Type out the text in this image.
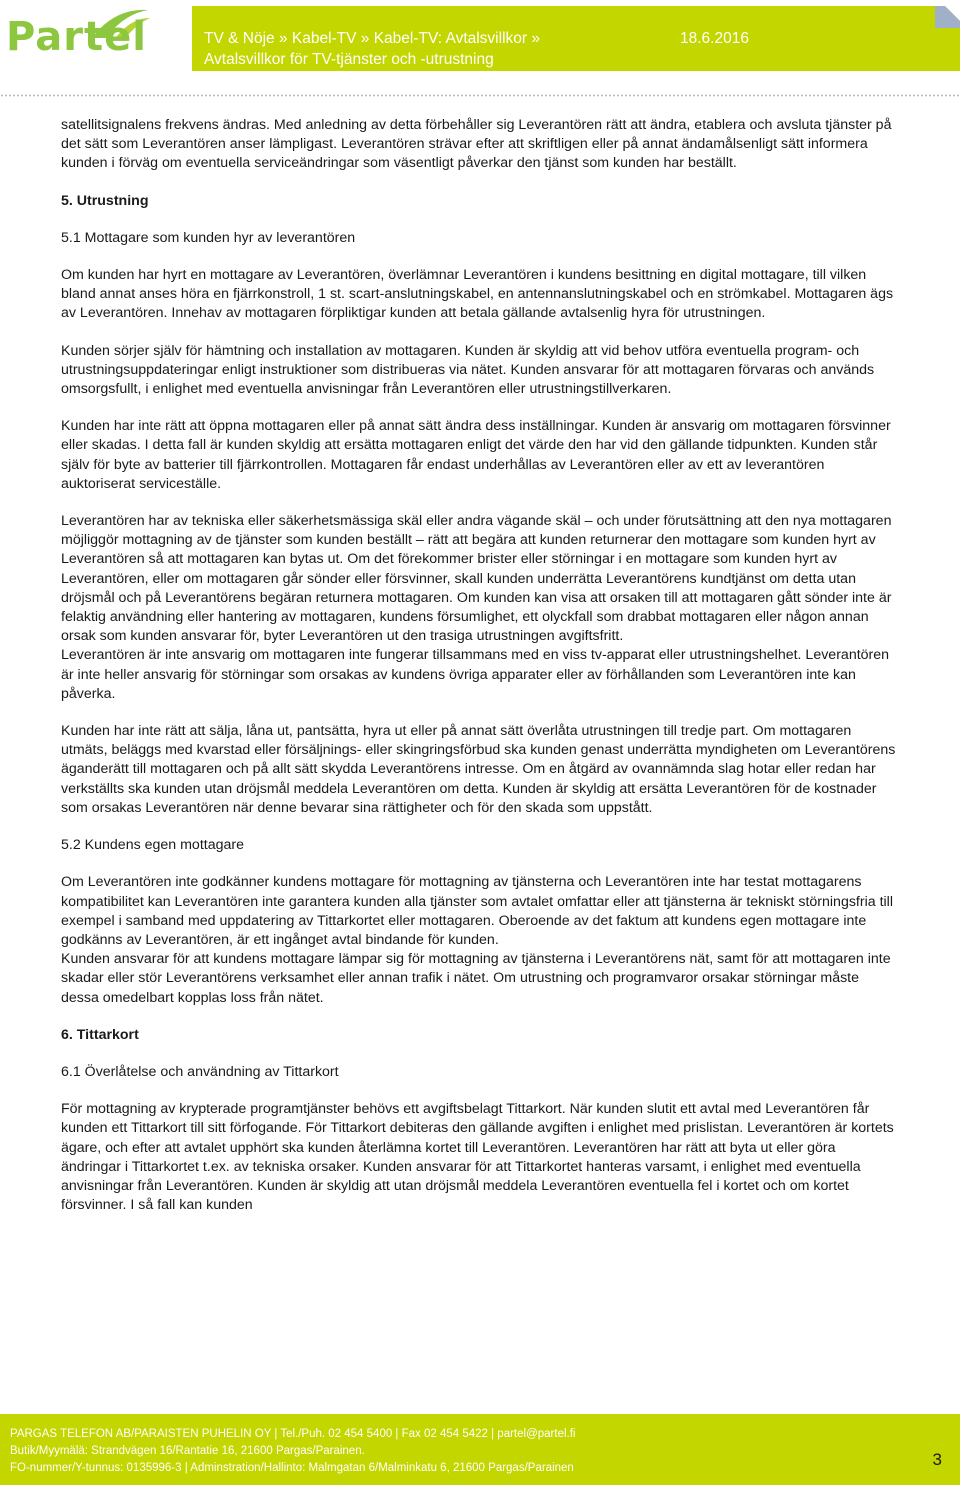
Partel	TV & Nöje » Kabel-TV » Kabel-TV: Avtalsvillkor »
Avtalsvillkor för TV-tjänster och -utrustning
18.6.2016

satellitsignalens frekvens ändras. Med anledning av detta förbehåller sig Leverantören rätt att ändra, etablera och avsluta tjänster på det sätt som Leverantören anser lämpligast. Leverantören strävar efter att skriftligen eller på annat ändamålsenligt sätt informera kunden i förväg om eventuella serviceändringar som väsentligt påverkar den tjänst som kunden har beställt.

5. Utrustning

5.1 Mottagare som kunden hyr av leverantören

Om kunden har hyrt en mottagare av Leverantören, överlämnar Leverantören i kundens besittning en digital mottagare, till vilken bland annat anses höra en fjärrkonstroll, 1 st. scart-anslutningskabel, en antennanslutningskabel och en strömkabel. Mottagaren ägs av Leverantören. Innehav av mottagaren förpliktigar kunden att betala gällande avtalsenlig hyra för utrustningen.

Kunden sörjer själv för hämtning och installation av mottagaren. Kunden är skyldig att vid behov utföra eventuella program- och utrustningsuppdateringar enligt instruktioner som distribueras via nätet. Kunden ansvarar för att mottagaren förvaras och används omsorgsfullt, i enlighet med eventuella anvisningar från Leverantören eller utrustningstillverkaren.

Kunden har inte rätt att öppna mottagaren eller på annat sätt ändra dess inställningar. Kunden är ansvarig om mottagaren försvinner eller skadas. I detta fall är kunden skyldig att ersätta mottagaren enligt det värde den har vid den gällande tidpunkten. Kunden står själv för byte av batterier till fjärrkontrollen. Mottagaren får endast underhållas av Leverantören eller av ett av leverantören auktoriserat serviceställe.

Leverantören har av tekniska eller säkerhetsmässiga skäl eller andra vägande skäl – och under förutsättning att den nya mottagaren möjliggör mottagning av de tjänster som kunden beställt – rätt att begära att kunden returnerar den mottagare som kunden hyrt av Leverantören så att mottagaren kan bytas ut. Om det förekommer brister eller störningar i en mottagare som kunden hyrt av Leverantören, eller om mottagaren går sönder eller försvinner, skall kunden underrätta Leverantörens kundtjänst om detta utan dröjsmål och på Leverantörens begäran returnera mottagaren. Om kunden kan visa att orsaken till att mottagaren gått sönder inte är felaktig användning eller hantering av mottagaren, kundens försumlighet, ett olyckfall som drabbat mottagaren eller någon annan orsak som kunden ansvarar för, byter Leverantören ut den trasiga utrustningen avgiftsfritt.

Leverantören är inte ansvarig om mottagaren inte fungerar tillsammans med en viss tv-apparat eller utrustningshelhet. Leverantören är inte heller ansvarig för störningar som orsakas av kundens övriga apparater eller av förhållanden som Leverantören inte kan påverka.

Kunden har inte rätt att sälja, låna ut, pantsätta, hyra ut eller på annat sätt överlåta utrustningen till tredje part. Om mottagaren utmäts, beläggs med kvarstad eller försäljnings- eller skingringsförbud ska kunden genast underrätta myndigheten om Leverantörens äganderätt till mottagaren och på allt sätt skydda Leverantörens intresse. Om en åtgärd av ovannämnda slag hotar eller redan har verkställts ska kunden utan dröjsmål meddela Leverantören om detta. Kunden är skyldig att ersätta Leverantören för de kostnader som orsakas Leverantören när denne bevarar sina rättigheter och för den skada som uppstått.

5.2 Kundens egen mottagare

Om Leverantören inte godkänner kundens mottagare för mottagning av tjänsterna och Leverantören inte har testat mottagarens kompatibilitet kan Leverantören inte garantera kunden alla tjänster som avtalet omfattar eller att tjänsterna är tekniskt störningsfria till exempel i samband med uppdatering av Tittarkortet eller mottagaren. Oberoende av det faktum att kundens egen mottagare inte godkänns av Leverantören, är ett ingånget avtal bindande för kunden.

Kunden ansvarar för att kundens mottagare lämpar sig för mottagning av tjänsterna i Leverantörens nät, samt för att mottagaren inte skadar eller stör Leverantörens verksamhet eller annan trafik i nätet. Om utrustning och programvaror orsakar störningar måste dessa omedelbart kopplas loss från nätet.

6. Tittarkort

6.1 Överlåtelse och användning av Tittarkort

För mottagning av krypterade programtjänster behövs ett avgiftsbelagt Tittarkort. När kunden slutit ett avtal med Leverantören får kunden ett Tittarkort till sitt förfogande. För Tittarkort debiteras den gällande avgiften i enlighet med prislistan. Leverantören är kortets ägare, och efter att avtalet upphört ska kunden återlämna kortet till Leverantören. Leverantören har rätt att byta ut eller göra ändringar i Tittarkortet t.ex. av tekniska orsaker. Kunden ansvarar för att Tittarkortet hanteras varsamt, i enlighet med eventuella anvisningar från Leverantören. Kunden är skyldig att utan dröjsmål meddela Leverantören eventuella fel i kortet och om kortet försvinner. I så fall kan kunden

PARGAS TELEFON AB/PARAISTEN PUHELIN OY | Tel./Puh. 02 454 5400 | Fax 02 454 5422 | partel@partel.fi
Butik/Myymälä: Strandvägen 16/Rantatie 16, 21600 Pargas/Parainen.
FO-nummer/Y-tunnus: 0135996-3 | Adminstration/Hallinto: Malmgatan 6/Malminkatu 6, 21600 Pargas/Parainen	3
